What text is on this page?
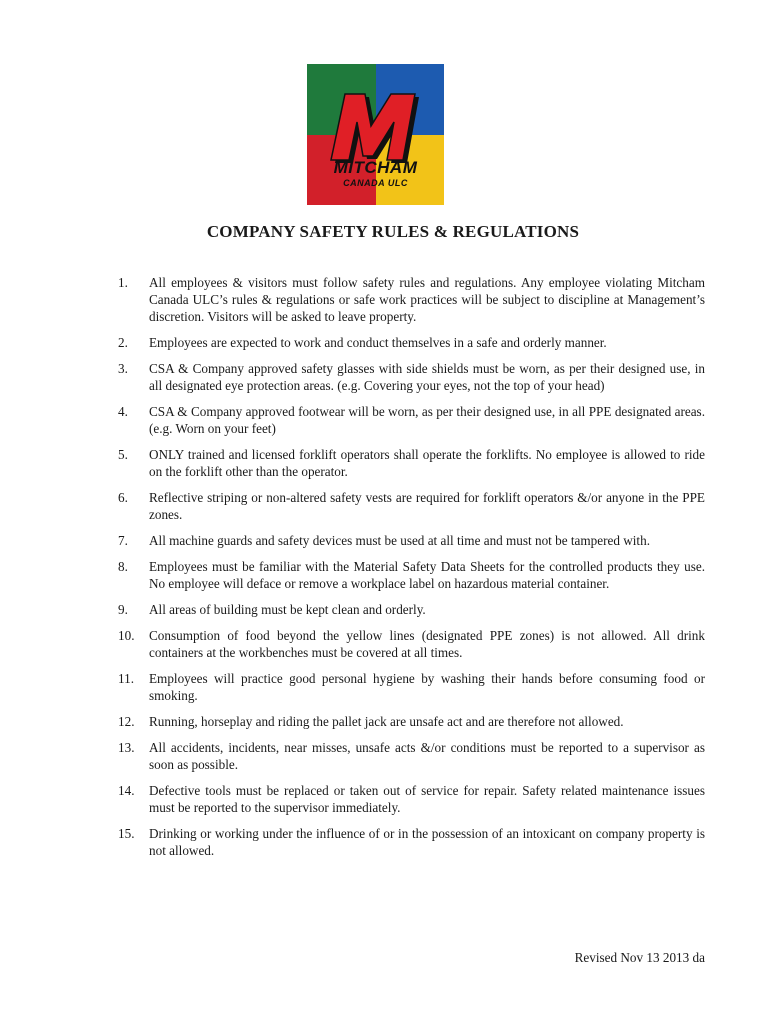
MITCHAM
CANADA ULC
COMPANY SAFETY RULES & REGULATIONS
1.	All employees & visitors must follow safety rules and regulations. Any employee violating Mitcham Canada ULC’s rules & regulations or safe work practices will be subject to discipline at Management’s discretion. Visitors will be asked to leave property.
2.	Employees are expected to work and conduct themselves in a safe and orderly manner.
3.	CSA & Company approved safety glasses with side shields must be worn, as per their designed use, in all designated eye protection areas. (e.g. Covering your eyes, not the top of your head)
4.	CSA & Company approved footwear will be worn, as per their designed use, in all PPE designated areas. (e.g. Worn on your feet)
5.	ONLY trained and licensed forklift operators shall operate the forklifts. No employee is allowed to ride on the forklift other than the operator.
6.	Reflective striping or non-altered safety vests are required for forklift operators &/or anyone in the PPE zones.
7.	All machine guards and safety devices must be used at all time and must not be tampered with.
8.	Employees must be familiar with the Material Safety Data Sheets for the controlled products they use. No employee will deface or remove a workplace label on hazardous material container.
9.	All areas of building must be kept clean and orderly.
10.	Consumption of food beyond the yellow lines (designated PPE zones) is not allowed. All drink containers at the workbenches must be covered at all times.
11.	Employees will practice good personal hygiene by washing their hands before consuming food or smoking.
12.	Running, horseplay and riding the pallet jack are unsafe act and are therefore not allowed.
13.	All accidents, incidents, near misses, unsafe acts &/or conditions must be reported to a supervisor as soon as possible.
14.	Defective tools must be replaced or taken out of service for repair. Safety related maintenance issues must be reported to the supervisor immediately.
15.	Drinking or working under the influence of or in the possession of an intoxicant on company property is not allowed.
Revised Nov 13 2013 da
